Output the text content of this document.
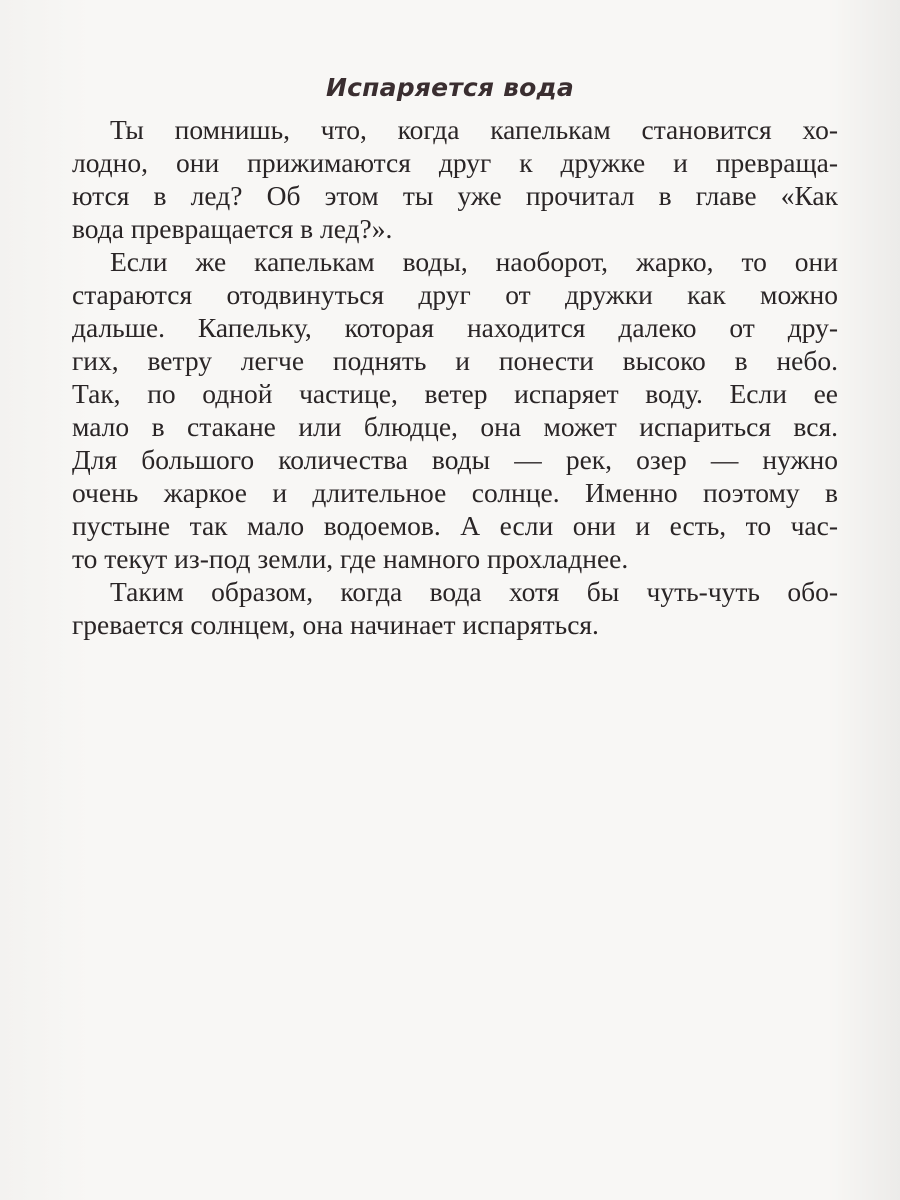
Испаряется вода
Ты помнишь, что, когда капелькам становится хо-
лодно, они прижимаются друг к дружке и превраща-
ются в лед? Об этом ты уже прочитал в главе «Как
вода превращается в лед?».
Если же капелькам воды, наоборот, жарко, то они
стараются отодвинуться друг от дружки как можно
дальше. Капельку, которая находится далеко от дру-
гих, ветру легче поднять и понести высоко в небо.
Так, по одной частице, ветер испаряет воду. Если ее
мало в стакане или блюдце, она может испариться вся.
Для большого количества воды — рек, озер — нужно
очень жаркое и длительное солнце. Именно поэтому в
пустыне так мало водоемов. А если они и есть, то час-
то текут из-под земли, где намного прохладнее.
Таким образом, когда вода хотя бы чуть-чуть обо-
гревается солнцем, она начинает испаряться.
